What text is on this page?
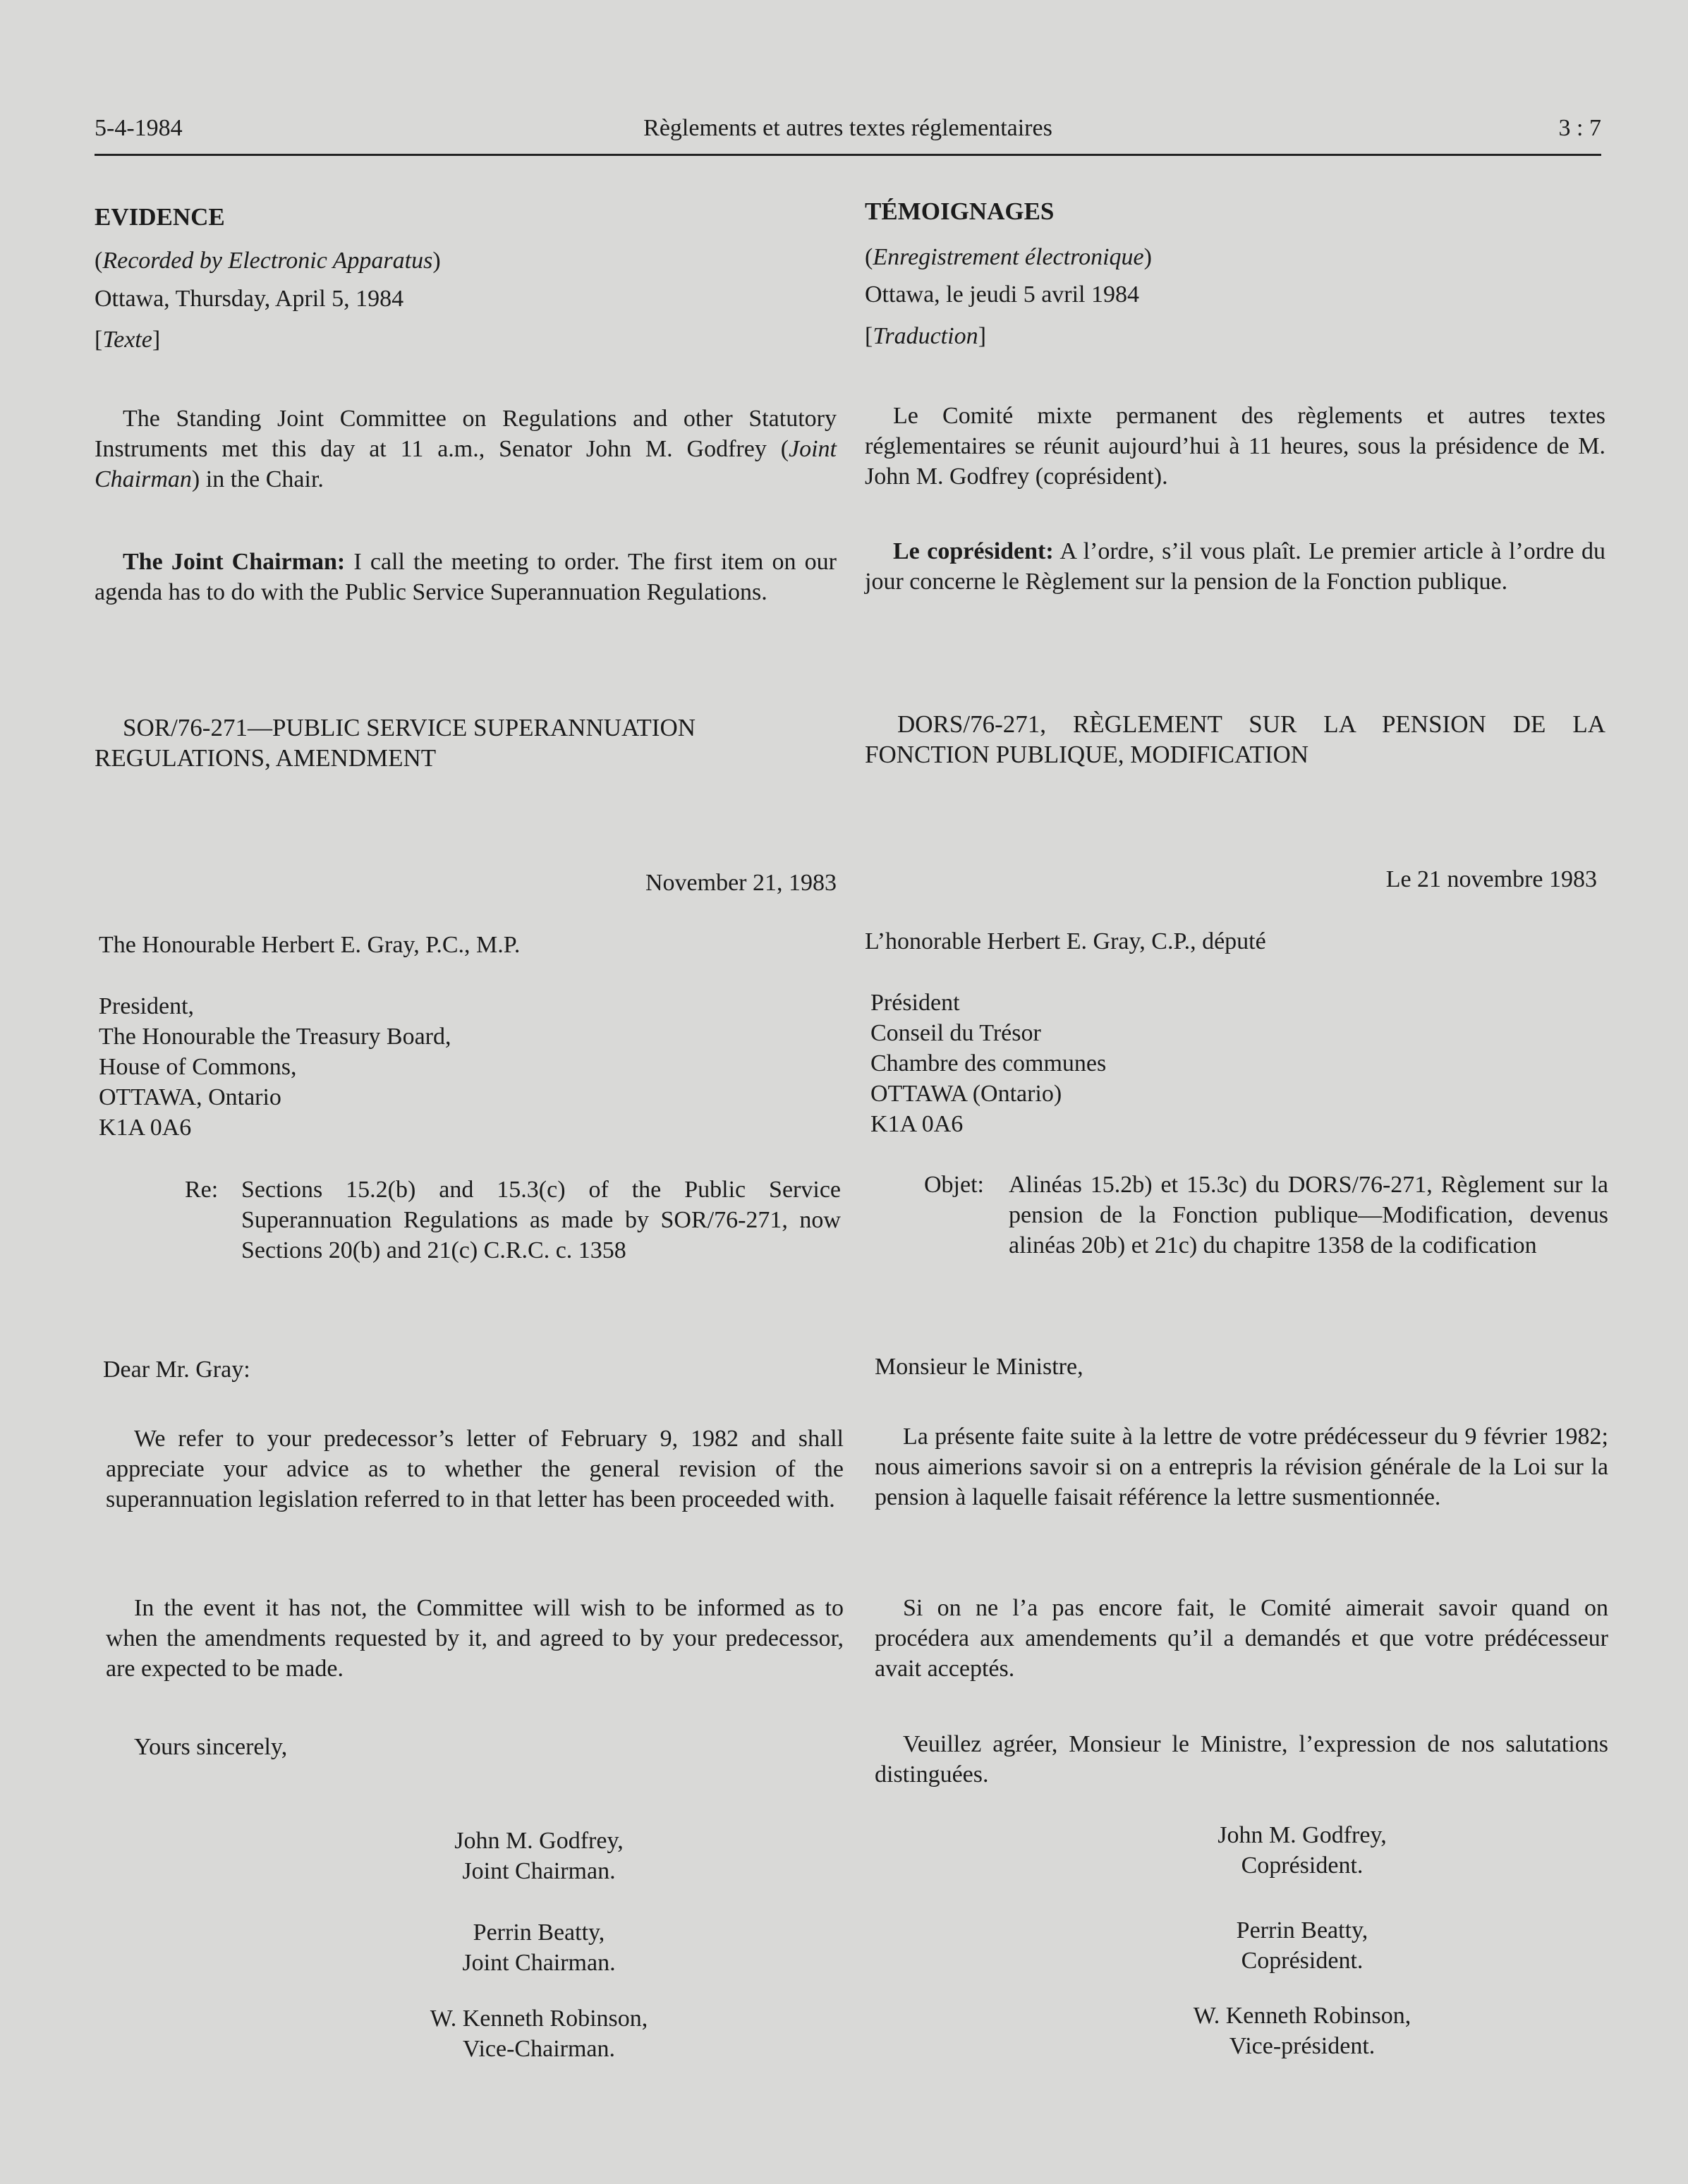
5-4-1984	Règlements et autres textes réglementaires	3 : 7

EVIDENCE

(Recorded by Electronic Apparatus)

Ottawa, Thursday, April 5, 1984

[Texte]

The Standing Joint Committee on Regulations and other Statutory Instruments met this day at 11 a.m., Senator John M. Godfrey (Joint Chairman) in the Chair.

The Joint Chairman: I call the meeting to order. The first item on our agenda has to do with the Public Service Superannuation Regulations.

SOR/76-271—PUBLIC SERVICE SUPERANNUATION REGULATIONS, AMENDMENT

November 21, 1983

The Honourable Herbert E. Gray, P.C., M.P.

President,

The Honourable the Treasury Board,

House of Commons,

OTTAWA, Ontario

K1A 0A6

Re: Sections 15.2(b) and 15.3(c) of the Public Service Superannuation Regulations as made by SOR/76-271, now Sections 20(b) and 21(c) C.R.C. c. 1358

Dear Mr. Gray:

We refer to your predecessor’s letter of February 9, 1982 and shall appreciate your advice as to whether the general revision of the superannuation legislation referred to in that letter has been proceeded with.

In the event it has not, the Committee will wish to be informed as to when the amendments requested by it, and agreed to by your predecessor, are expected to be made.

Yours sincerely,

John M. Godfrey,

Joint Chairman.

Perrin Beatty,

Joint Chairman.

W. Kenneth Robinson,

Vice-Chairman.

TÉMOIGNAGES

(Enregistrement électronique)

Ottawa, le jeudi 5 avril 1984

[Traduction]

Le Comité mixte permanent des règlements et autres textes réglementaires se réunit aujourd’hui à 11 heures, sous la présidence de M. John M. Godfrey (coprésident).

Le coprésident: A l’ordre, s’il vous plaît. Le premier article à l’ordre du jour concerne le Règlement sur la pension de la Fonction publique.

DORS/76-271, RÈGLEMENT SUR LA PENSION DE LA FONCTION PUBLIQUE, MODIFICATION

Le 21 novembre 1983

L’honorable Herbert E. Gray, C.P., député

Président

Conseil du Trésor

Chambre des communes

OTTAWA (Ontario)

K1A 0A6

Objet:	Alinéas 15.2b) et 15.3c) du DORS/76-271, Règlement sur la pension de la Fonction publique—Modification, devenus alinéas 20b) et 21c) du chapitre 1358 de la codification

Monsieur le Ministre,

La présente faite suite à la lettre de votre prédécesseur du 9 février 1982; nous aimerions savoir si on a entrepris la révision générale de la Loi sur la pension à laquelle faisait référence la lettre susmentionnée.

Si on ne l’a pas encore fait, le Comité aimerait savoir quand on procédera aux amendements qu’il a demandés et que votre prédécesseur avait acceptés.

Veuillez agréer, Monsieur le Ministre, l’expression de nos salutations distinguées.

John M. Godfrey,

Coprésident.

Perrin Beatty,

Coprésident.

W. Kenneth Robinson,

Vice-président.
